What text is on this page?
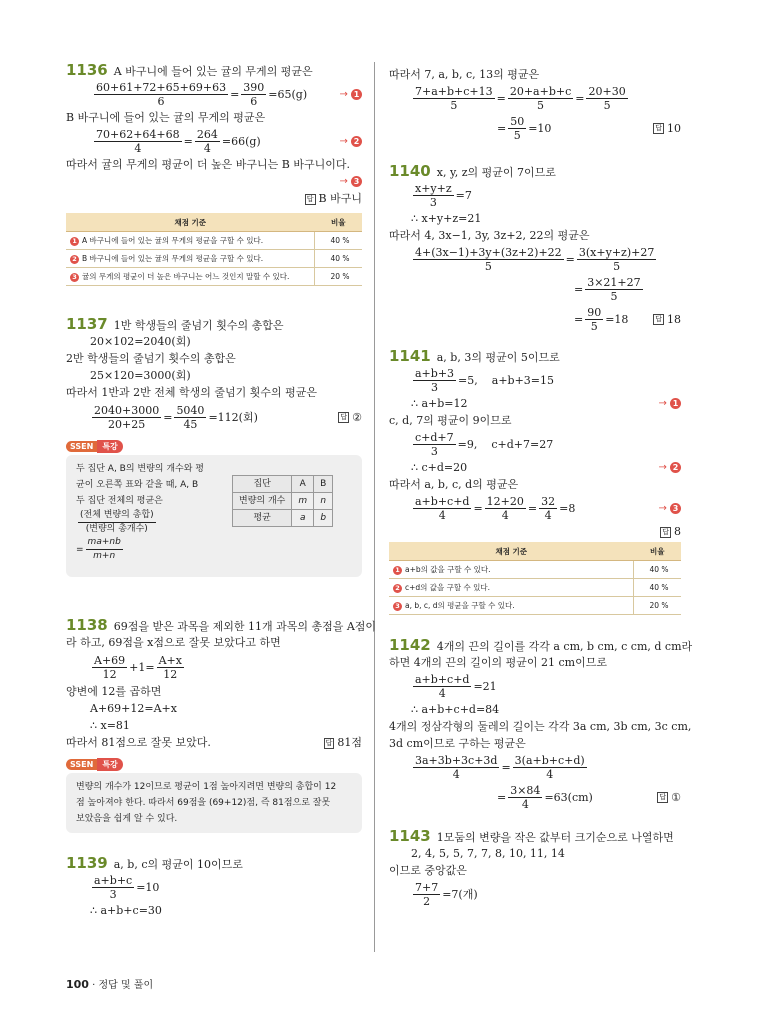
1136 A 바구니에 들어 있는 귤의 무게의 평균은
$\frac{60+61+72+65+69+63}{6} = \frac{390}{6} =65(g)$	→ 1
B 바구니에 들어 있는 귤의 무게의 평균은
$\frac{70+62+64+68}{4} = \frac{264}{4} =66(g)$	→ 2
따라서 귤의 무게의 평균이 더 높은 바구니는 B 바구니이다.
→ 3
답 B 바구니
채점 기준	비율
1 A 바구니에 들어 있는 귤의 무게의 평균을 구할 수 있다.	40 %
2 B 바구니에 들어 있는 귤의 무게의 평균을 구할 수 있다.	40 %
3 귤의 무게의 평균이 더 높은 바구니는 어느 것인지 말할 수 있다.	20 %
1137 1반 학생들의 줄넘기 횟수의 총합은
20×102=2040(회)
2반 학생들의 줄넘기 횟수의 총합은
25×120=3000(회)
따라서 1반과 2반 전체 학생의 줄넘기 횟수의 평균은
$\frac{2040+3000}{20+25} = \frac{5040}{45} =112$(회)	답 ②
SSEN	특강
두 집단 A, B의 변량의 개수와 평
균이 오른쪽 표와 같을 때, A, B
두 집단 전체의 평균은
$\frac{\text{(전체 변량의 총합)}}{\text{(변량의 총개수)}}$
= $\frac{ma+nb}{m+n}$
집단	A	B
변량의 개수	m	n
평균	a	b
1138 69점을 받은 과목을 제외한 11개 과목의 총점을 A점이
라 하고, 69점을 x점으로 잘못 보았다고 하면
$\frac{A+69}{12} +1= \frac{A+x}{12}$
양변에 12를 곱하면
A+69+12=A+x
∴ x=81
따라서 81점으로 잘못 보았다.	답 81점
SSEN	특강
변량의 개수가 12이므로 평균이 1점 높아지려면 변량의 총합이 12
점 높아져야 한다. 따라서 69점을 (69+12)점, 즉 81점으로 잘못
보았음을 쉽게 알 수 있다.
1139 a, b, c의 평균이 10이므로
$\frac{a+b+c}{3} =10$
∴ a+b+c=30
따라서 7, a, b, c, 13의 평균은
$\frac{7+a+b+c+13}{5} = \frac{20+a+b+c}{5} = \frac{20+30}{5}$
= $\frac{50}{5} =10$	답 10
1140 x, y, z의 평균이 7이므로
$\frac{x+y+z}{3} =7$
∴ x+y+z=21
따라서 4, 3x−1, 3y, 3z+2, 22의 평균은
$\frac{4+(3x-1)+3y+(3z+2)+22}{5} = \frac{3(x+y+z)+27}{5}$
= $\frac{3\times 21+27}{5}$
= $\frac{90}{5} =18$	답 18
1141 a, b, 3의 평균이 5이므로
$\frac{a+b+3}{3} =5$, a+b+3=15
∴ a+b=12	→ 1
c, d, 7의 평균이 9이므로
$\frac{c+d+7}{3} =9$, c+d+7=27
∴ c+d=20	→ 2
따라서 a, b, c, d의 평균은
$\frac{a+b+c+d}{4} = \frac{12+20}{4} = \frac{32}{4} =8$	→ 3
답 8
채점 기준	비율
1 a+b의 값을 구할 수 있다.	40 %
2 c+d의 값을 구할 수 있다.	40 %
3 a, b, c, d의 평균을 구할 수 있다.	20 %
1142 4개의 끈의 길이를 각각 a cm, b cm, c cm, d cm라
하면 4개의 끈의 길이의 평균이 21 cm이므로
$\frac{a+b+c+d}{4} =21$
∴ a+b+c+d=84
4개의 정삼각형의 둘레의 길이는 각각 3a cm, 3b cm, 3c cm,
3d cm이므로 구하는 평균은
$\frac{3a+3b+3c+3d}{4} = \frac{3(a+b+c+d)}{4}$
= $\frac{3\times 84}{4} =63(cm)$	답 ①
1143 1모둠의 변량을 작은 값부터 크기순으로 나열하면
2, 4, 5, 5, 7, 7, 8, 10, 11, 14
이므로 중앙값은
$\frac{7+7}{2} =7$(개)
100 · 정답 및 풀이
